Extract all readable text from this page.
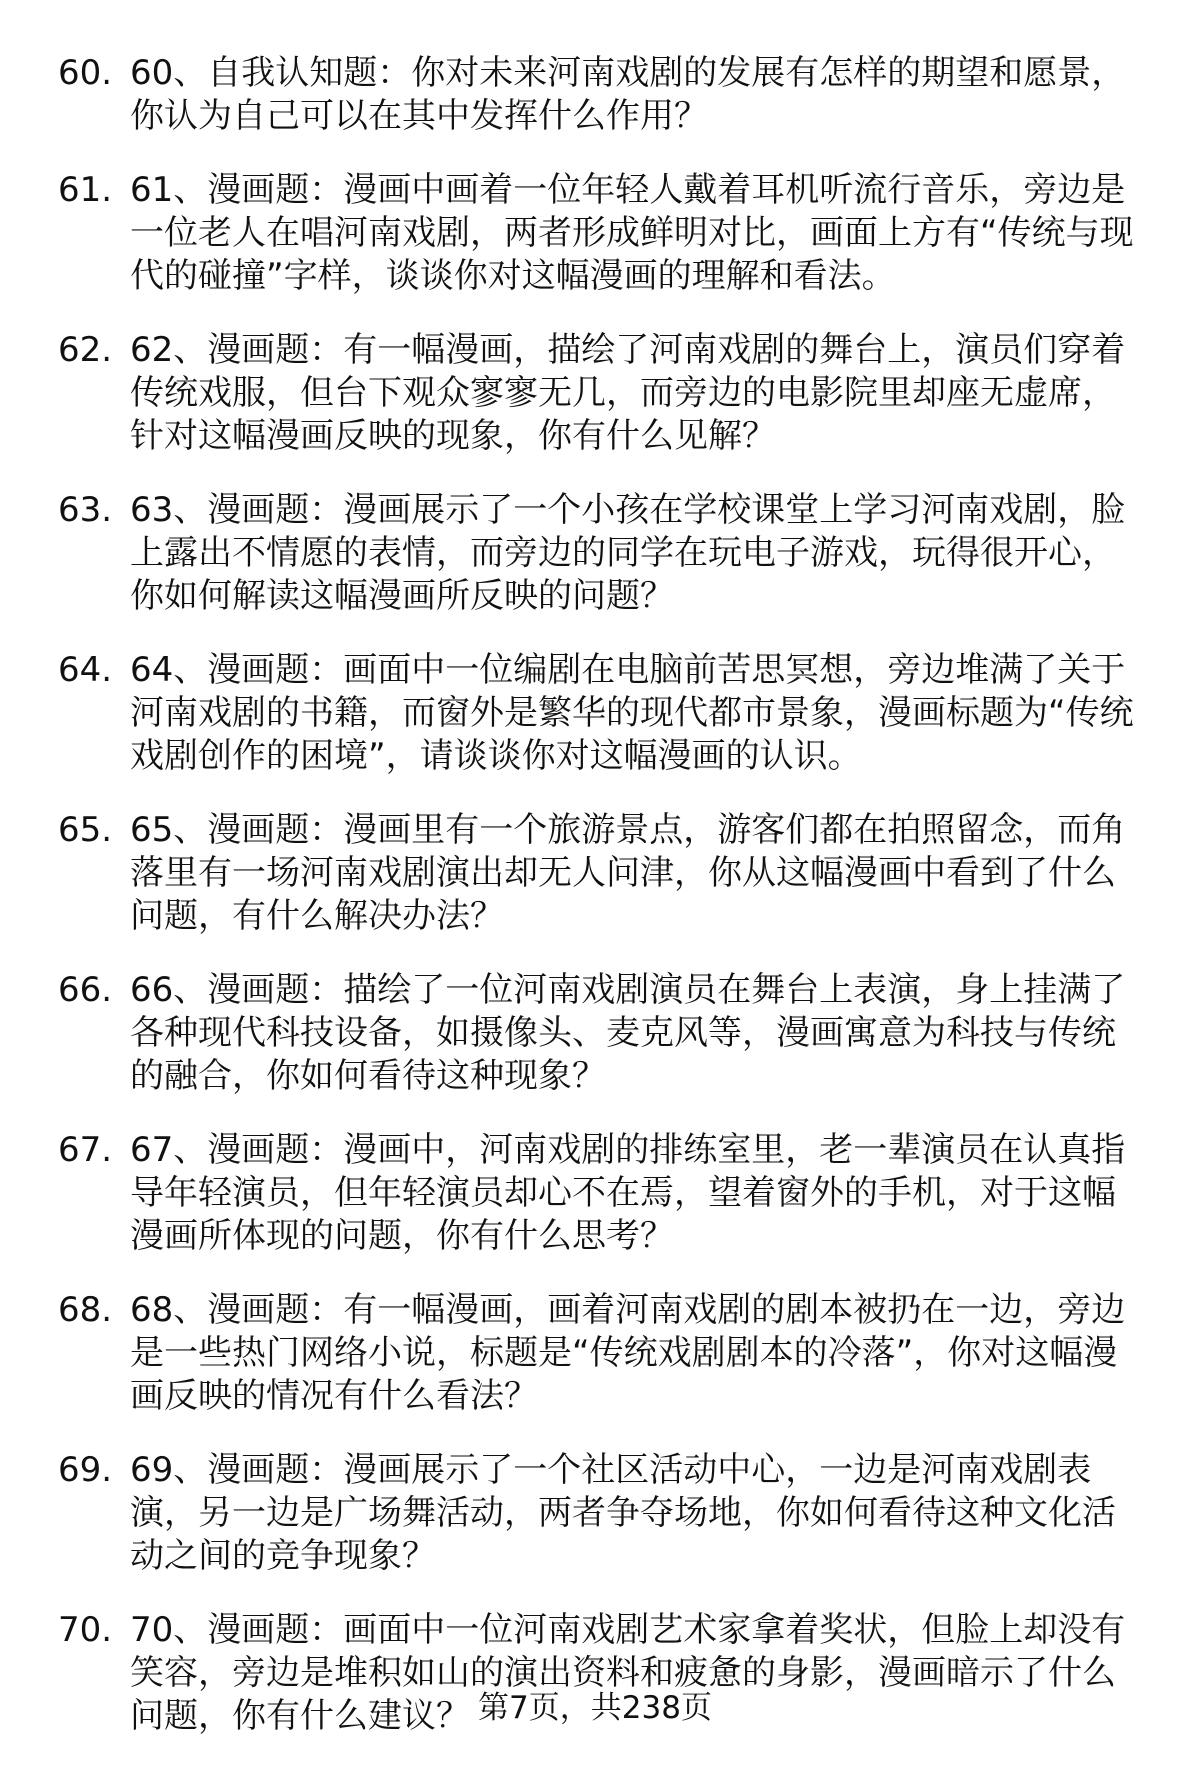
60. 60、自我认知题：你对未来河南戏剧的发展有怎样的期望和愿景，你认为自己可以在其中发挥什么作用？
61. 61、漫画题：漫画中画着一位年轻人戴着耳机听流行音乐，旁边是一位老人在唱河南戏剧，两者形成鲜明对比，画面上方有“传统与现代的碰撞”字样，谈谈你对这幅漫画的理解和看法。
62. 62、漫画题：有一幅漫画，描绘了河南戏剧的舞台上，演员们穿着传统戏服，但台下观众寥寥无几，而旁边的电影院里却座无虚席，针对这幅漫画反映的现象，你有什么见解？
63. 63、漫画题：漫画展示了一个小孩在学校课堂上学习河南戏剧，脸上露出不情愿的表情，而旁边的同学在玩电子游戏，玩得很开心，你如何解读这幅漫画所反映的问题？
64. 64、漫画题：画面中一位编剧在电脑前苦思冥想，旁边堆满了关于河南戏剧的书籍，而窗外是繁华的现代都市景象，漫画标题为“传统戏剧创作的困境”，请谈谈你对这幅漫画的认识。
65. 65、漫画题：漫画里有一个旅游景点，游客们都在拍照留念，而角落里有一场河南戏剧演出却无人问津，你从这幅漫画中看到了什么问题，有什么解决办法？
66. 66、漫画题：描绘了一位河南戏剧演员在舞台上表演，身上挂满了各种现代科技设备，如摄像头、麦克风等，漫画寓意为科技与传统的融合，你如何看待这种现象？
67. 67、漫画题：漫画中，河南戏剧的排练室里，老一辈演员在认真指导年轻演员，但年轻演员却心不在焉，望着窗外的手机，对于这幅漫画所体现的问题，你有什么思考？
68. 68、漫画题：有一幅漫画，画着河南戏剧的剧本被扔在一边，旁边是一些热门网络小说，标题是“传统戏剧剧本的冷落”，你对这幅漫画反映的情况有什么看法？
69. 69、漫画题：漫画展示了一个社区活动中心，一边是河南戏剧表演，另一边是广场舞活动，两者争夺场地，你如何看待这种文化活动之间的竞争现象？
70. 70、漫画题：画面中一位河南戏剧艺术家拿着奖状，但脸上却没有笑容，旁边是堆积如山的演出资料和疲惫的身影，漫画暗示了什么问题，你有什么建议？ 第7页，共238页
